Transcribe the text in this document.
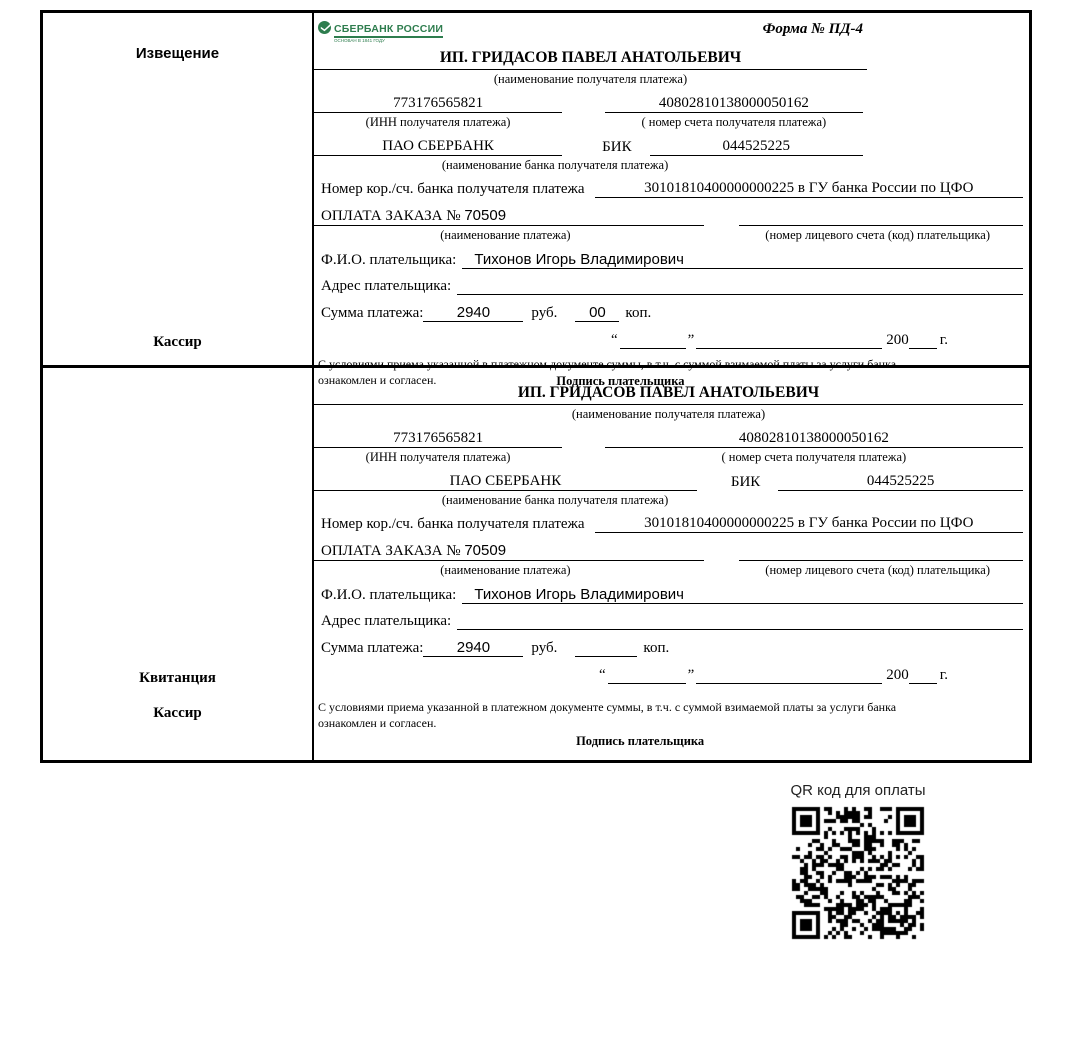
Извещение
Кассир
СБЕРБАНК РОССИИ
ОСНОВАН В 1841 ГОДУ
Форма № ПД-4
ИП. ГРИДАСОВ ПАВЕЛ АНАТОЛЬЕВИЧ
(наименование получателя платежа)
773176565821	40802810138000050162
(ИНН получателя платежа)	( номер счета получателя платежа)
ПАО СБЕРБАНК	БИК	044525225
(наименование банка получателя платежа)
Номер кор./сч. банка получателя платежа	30101810400000000225 в ГУ банка России по ЦФО
ОПЛАТА ЗАКАЗА № 70509
(наименование платежа)	(номер лицевого счета (код) плательщика)
Ф.И.О. плательщика:	Тихонов Игорь Владимирович
Адрес плательщика:
Сумма платежа:	2940	руб.	00	коп.
“	”	200 г.
С условиями приема указанной в платежном документе суммы, в т.ч. с суммой взимаемой платы за услуги банка
ознакомлен и согласен.	Подпись плательщика
Квитанция
Кассир
ИП. ГРИДАСОВ ПАВЕЛ АНАТОЛЬЕВИЧ
(наименование получателя платежа)
773176565821	40802810138000050162
(ИНН получателя платежа)	( номер счета получателя платежа)
ПАО СБЕРБАНК	БИК	044525225
(наименование банка получателя платежа)
Номер кор./сч. банка получателя платежа	30101810400000000225 в ГУ банка России по ЦФО
ОПЛАТА ЗАКАЗА № 70509
(наименование платежа)	(номер лицевого счета (код) плательщика)
Ф.И.О. плательщика:	Тихонов Игорь Владимирович
Адрес плательщика:
Сумма платежа:	2940	руб.	коп.
“	”	200 г.
С условиями приема указанной в платежном документе суммы, в т.ч. с суммой взимаемой платы за услуги банка
ознакомлен и согласен.
Подпись плательщика
QR код для оплаты
